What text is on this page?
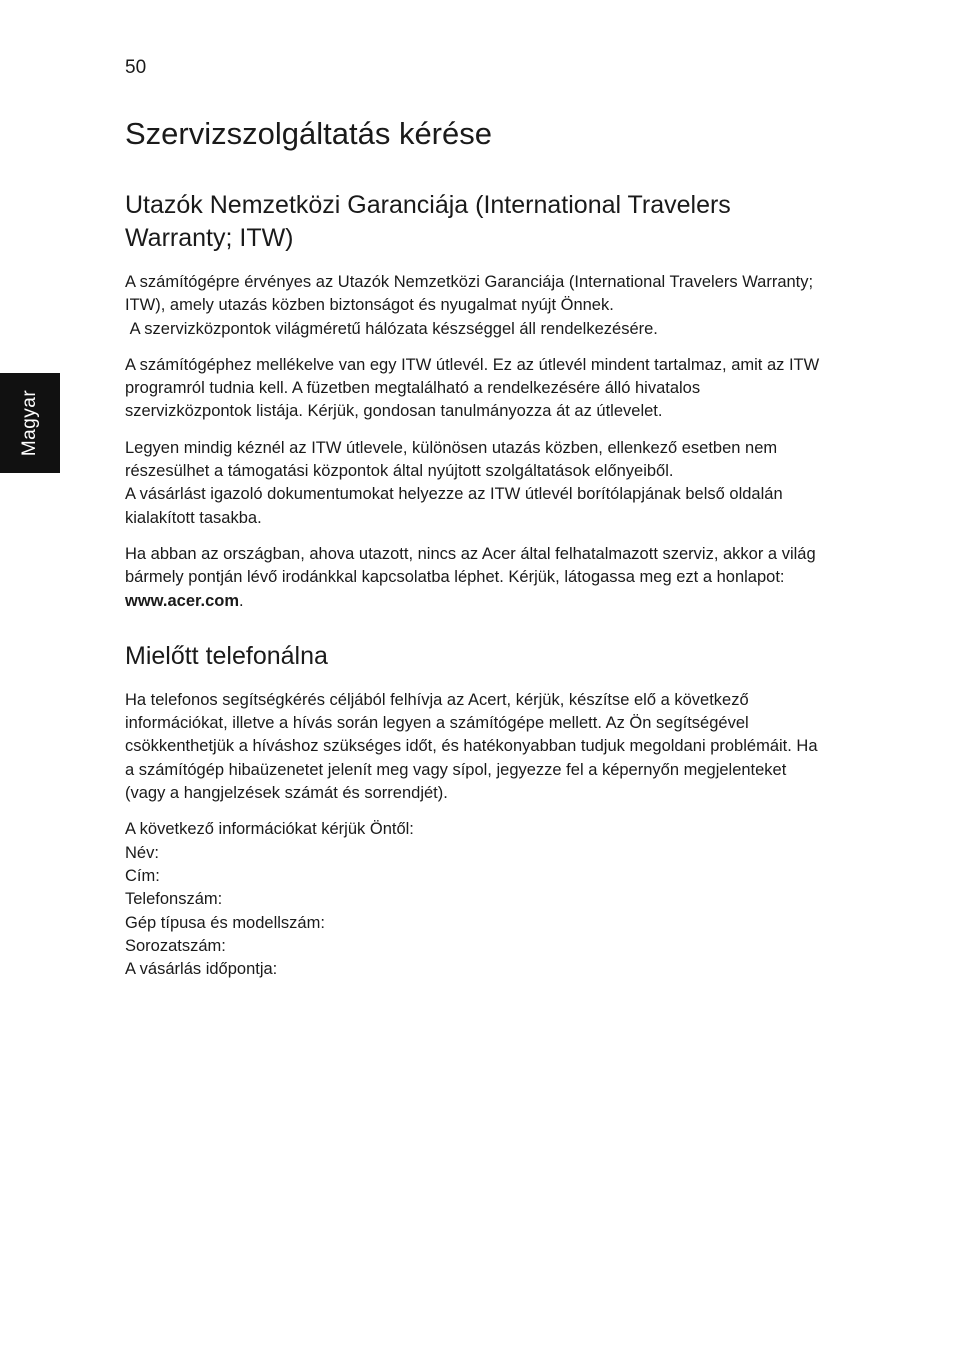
50
Magyar
Szervizszolgáltatás kérése
Utazók Nemzetközi Garanciája (International Travelers Warranty; ITW)

A számítógépre érvényes az Utazók Nemzetközi Garanciája (International Travelers Warranty; ITW), amely utazás közben biztonságot és nyugalmat nyújt Önnek.
A szervizközpontok világméretű hálózata készséggel áll rendelkezésére.

A számítógéphez mellékelve van egy ITW útlevél. Ez az útlevél mindent tartalmaz, amit az ITW programról tudnia kell. A füzetben megtalálható a rendelkezésére álló hivatalos szervizközpontok listája. Kérjük, gondosan tanulmányozza át az útlevelet.

Legyen mindig kéznél az ITW útlevele, különösen utazás közben, ellenkező esetben nem részesülhet a támogatási központok által nyújtott szolgáltatások előnyeiből.
A vásárlást igazoló dokumentumokat helyezze az ITW útlevél borítólapjának belső oldalán kialakított tasakba.

Ha abban az országban, ahova utazott, nincs az Acer által felhatalmazott szerviz, akkor a világ bármely pontján lévő irodánkkal kapcsolatba léphet. Kérjük, látogassa meg ezt a honlapot: www.acer.com.

Mielőtt telefonálna

Ha telefonos segítségkérés céljából felhívja az Acert, kérjük, készítse elő a következő információkat, illetve a hívás során legyen a számítógépe mellett. Az Ön segítségével csökkenthetjük a híváshoz szükséges időt, és hatékonyabban tudjuk megoldani problémáit. Ha a számítógép hibaüzenetet jelenít meg vagy sípol, jegyezze fel a képernyőn megjelenteket (vagy a hangjelzések számát és sorrendjét).

A következő információkat kérjük Öntől:
Név:
Cím:
Telefonszám:
Gép típusa és modellszám:
Sorozatszám:
A vásárlás időpontja:
